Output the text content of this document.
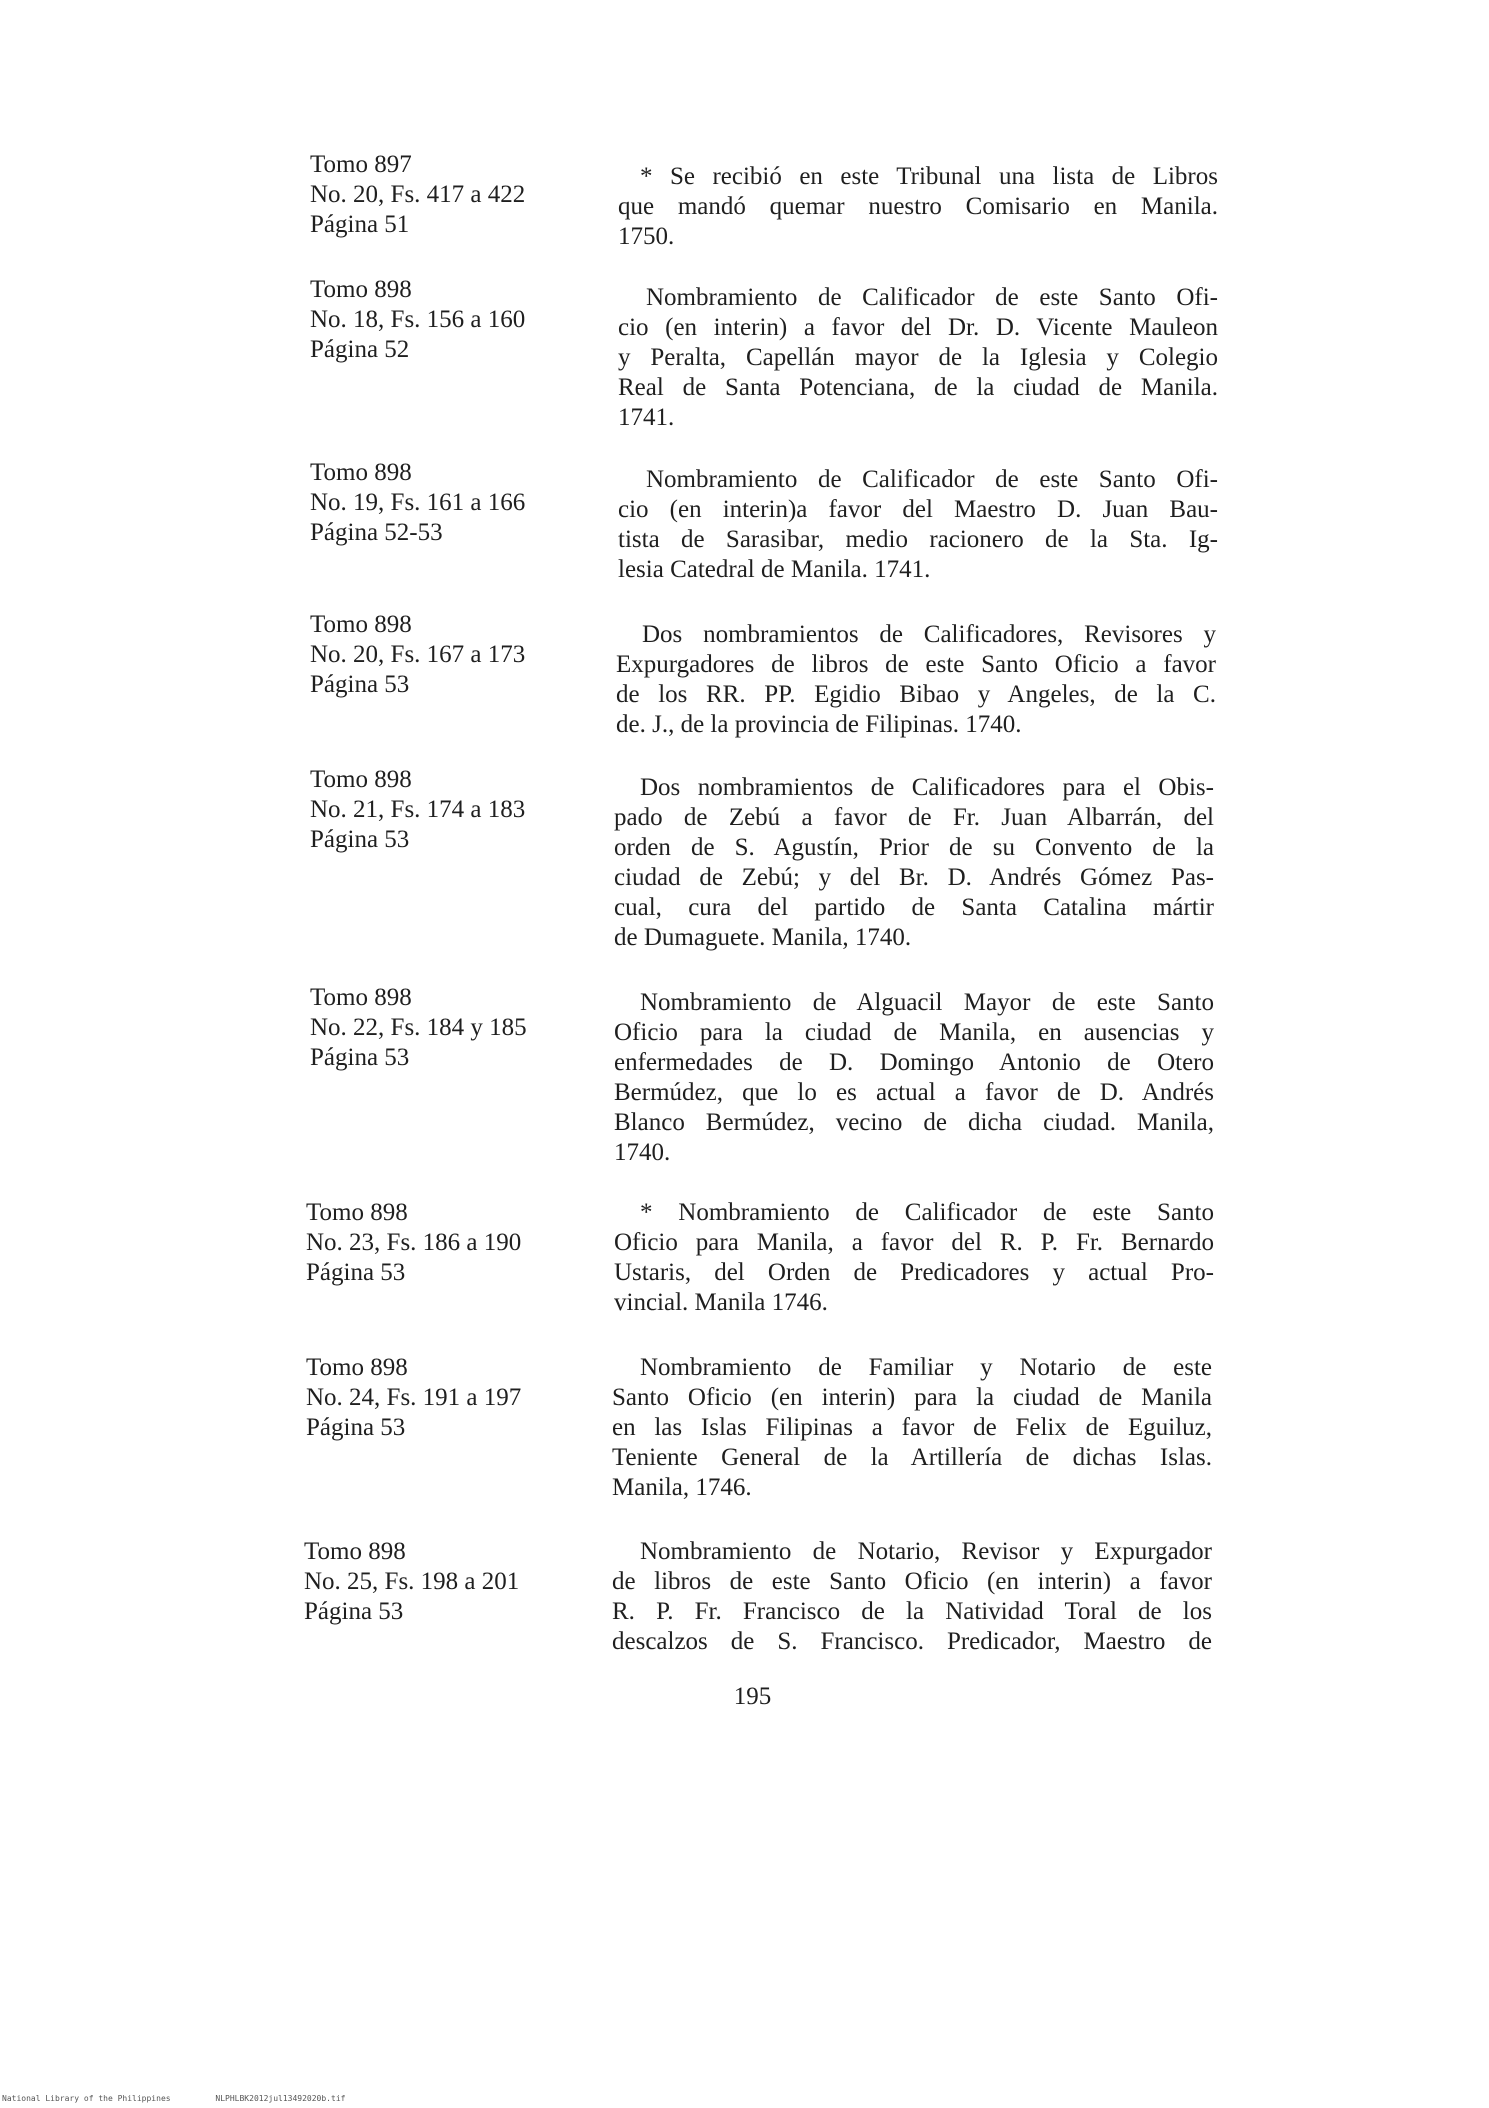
Tomo 897
No. 20, Fs. 417 a 422
Página 51
* Se recibió en este Tribunal una lista de Libros
que mandó quemar nuestro Comisario en Manila.
1750.
Tomo 898
No. 18, Fs. 156 a 160
Página 52
Nombramiento de Calificador de este Santo Ofi-
cio (en interin) a favor del Dr. D. Vicente Mauleon
y Peralta, Capellán mayor de la Iglesia y Colegio
Real de Santa Potenciana, de la ciudad de Manila.
1741.
Tomo 898
No. 19, Fs. 161 a 166
Página 52-53
Nombramiento de Calificador de este Santo Ofi-
cio (en interin)a favor del Maestro D. Juan Bau-
tista de Sarasibar, medio racionero de la Sta. Ig-
lesia Catedral de Manila. 1741.
Tomo 898
No. 20, Fs. 167 a 173
Página 53
Dos nombramientos de Calificadores, Revisores y
Expurgadores de libros de este Santo Oficio a favor
de los RR. PP. Egidio Bibao y Angeles, de la C.
de. J., de la provincia de Filipinas. 1740.
Tomo 898
No. 21, Fs. 174 a 183
Página 53
Dos nombramientos de Calificadores para el Obis-
pado de Zebú a favor de Fr. Juan Albarrán, del
orden de S. Agustín, Prior de su Convento de la
ciudad de Zebú; y del Br. D. Andrés Gómez Pas-
cual, cura del partido de Santa Catalina mártir
de Dumaguete. Manila, 1740.
Tomo 898
No. 22, Fs. 184 y 185
Página 53
Nombramiento de Alguacil Mayor de este Santo
Oficio para la ciudad de Manila, en ausencias y
enfermedades de D. Domingo Antonio de Otero
Bermúdez, que lo es actual a favor de D. Andrés
Blanco Bermúdez, vecino de dicha ciudad. Manila,
1740.
Tomo 898
No. 23, Fs. 186 a 190
Página 53
* Nombramiento de Calificador de este Santo
Oficio para Manila, a favor del R. P. Fr. Bernardo
Ustaris, del Orden de Predicadores y actual Pro-
vincial. Manila 1746.
Tomo 898
No. 24, Fs. 191 a 197
Página 53
Nombramiento de Familiar y Notario de este
Santo Oficio (en interin) para la ciudad de Manila
en las Islas Filipinas a favor de Felix de Eguiluz,
Teniente General de la Artillería de dichas Islas.
Manila, 1746.
Tomo 898
No. 25, Fs. 198 a 201
Página 53
Nombramiento de Notario, Revisor y Expurgador
de libros de este Santo Oficio (en interin) a favor
R. P. Fr. Francisco de la Natividad Toral de los
descalzos de S. Francisco. Predicador, Maestro de
195
National Library of the Philippines	NLPHLBK2012jul13492020b.tif
